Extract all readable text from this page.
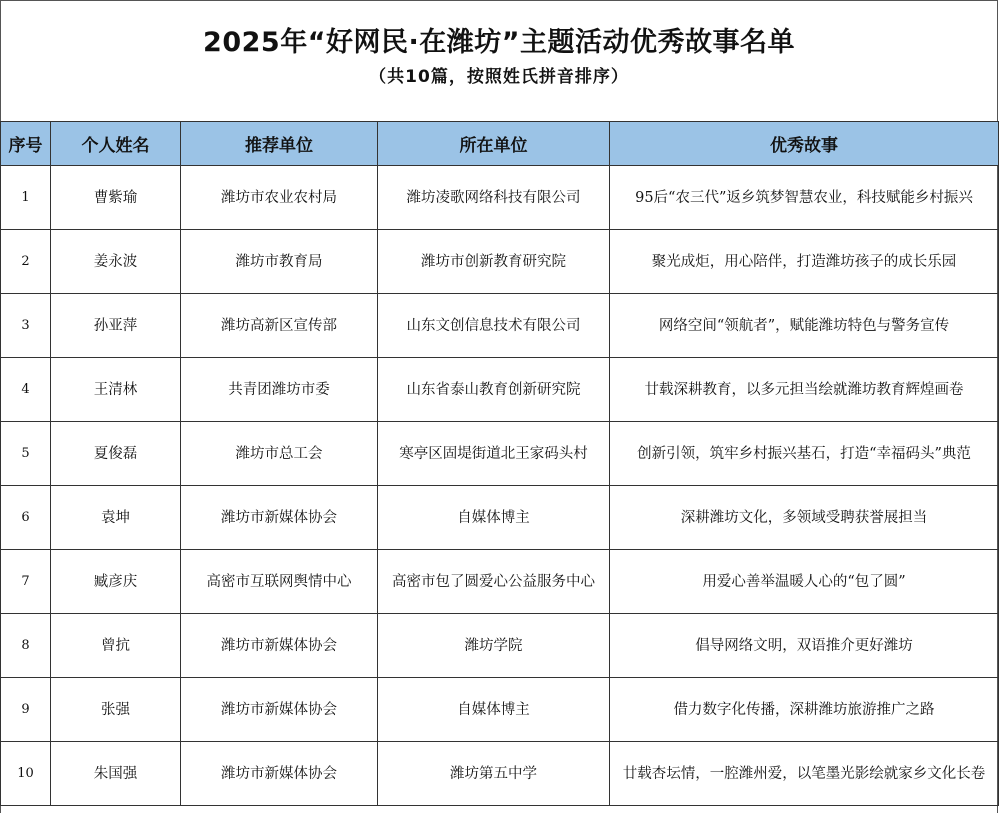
2025年“好网民·在潍坊”主题活动优秀故事名单
（共10篇，按照姓氏拼音排序）
序号	个人姓名	推荐单位	所在单位	优秀故事
1	曹紫瑜	潍坊市农业农村局	潍坊凌歌网络科技有限公司	95后“农三代”返乡筑梦智慧农业，科技赋能乡村振兴
2	姜永波	潍坊市教育局	潍坊市创新教育研究院	聚光成炬，用心陪伴，打造潍坊孩子的成长乐园
3	孙亚萍	潍坊高新区宣传部	山东文创信息技术有限公司	网络空间“领航者”，赋能潍坊特色与警务宣传
4	王清林	共青团潍坊市委	山东省泰山教育创新研究院	廿载深耕教育，以多元担当绘就潍坊教育辉煌画卷
5	夏俊磊	潍坊市总工会	寒亭区固堤街道北王家码头村	创新引领，筑牢乡村振兴基石，打造“幸福码头”典范
6	袁坤	潍坊市新媒体协会	自媒体博主	深耕潍坊文化，多领域受聘获誉展担当
7	臧彦庆	高密市互联网舆情中心	高密市包了圆爱心公益服务中心	用爱心善举温暖人心的“包了圆”
8	曾抗	潍坊市新媒体协会	潍坊学院	倡导网络文明，双语推介更好潍坊
9	张强	潍坊市新媒体协会	自媒体博主	借力数字化传播，深耕潍坊旅游推广之路
10	朱国强	潍坊市新媒体协会	潍坊第五中学	廿载杏坛情，一腔潍州爱，以笔墨光影绘就家乡文化长卷
